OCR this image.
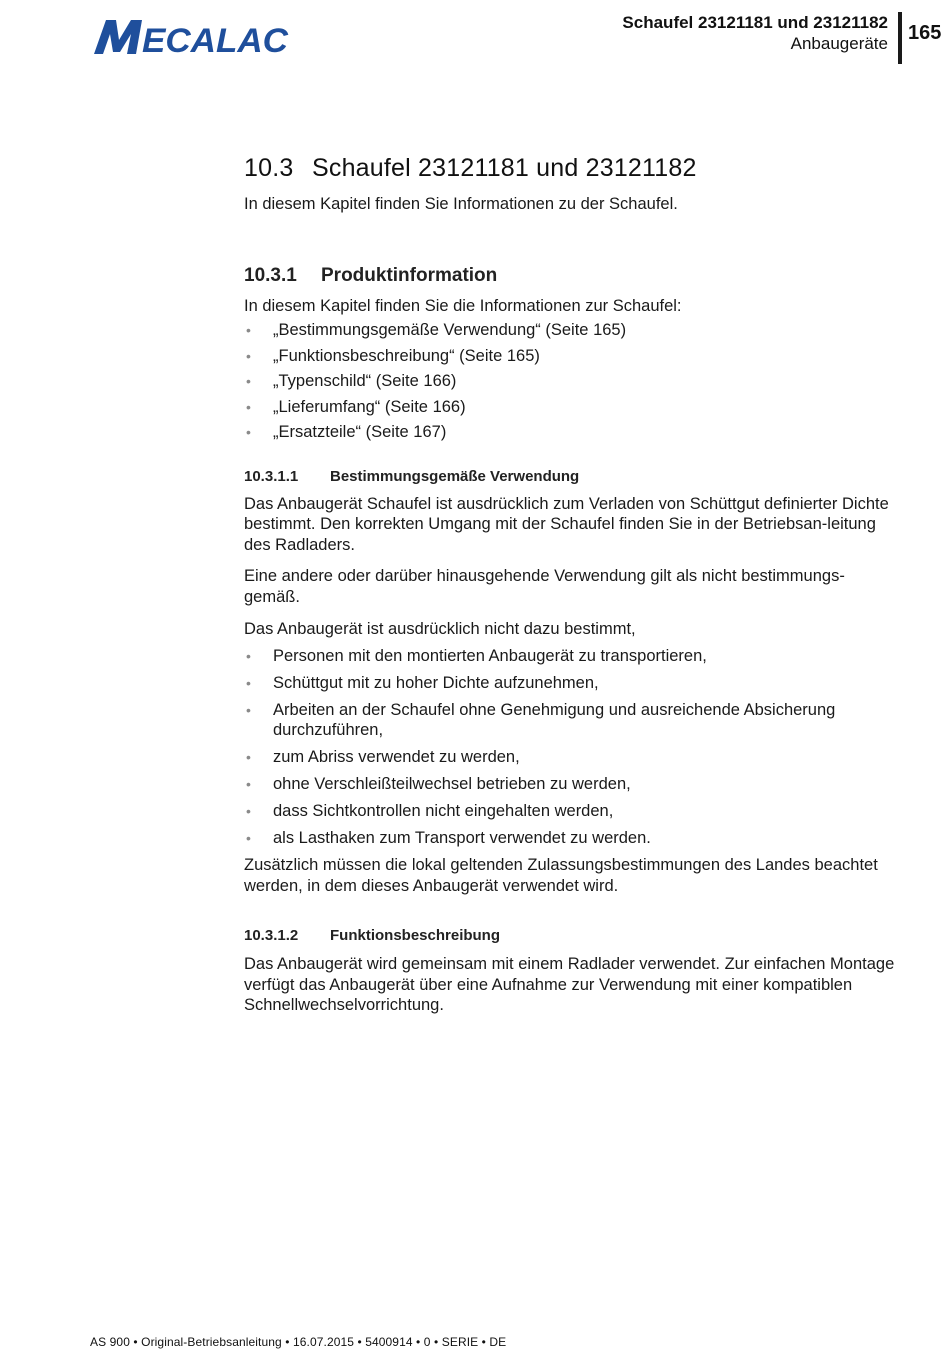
ECALAC	Schaufel 23121181 und 23121182
Anbaugeräte 165
10.3 Schaufel 23121181 und 23121182

In diesem Kapitel finden Sie Informationen zu der Schaufel.

10.3.1 Produktinformation

In diesem Kapitel finden Sie die Informationen zur Schaufel:

• „Bestimmungsgemäße Verwendung“ (Seite 165)
• „Funktionsbeschreibung“ (Seite 165)
• „Typenschild“ (Seite 166)
• „Lieferumfang“ (Seite 166)
• „Ersatzteile“ (Seite 167)
10.3.1.1 Bestimmungsgemäße Verwendung

Das Anbaugerät Schaufel ist ausdrücklich zum Verladen von Schüttgut definierter Dichte bestimmt. Den korrekten Umgang mit der Schaufel finden Sie in der Betriebsan-leitung des Radladers.

Eine andere oder darüber hinausgehende Verwendung gilt als nicht bestimmungs-gemäß.

Das Anbaugerät ist ausdrücklich nicht dazu bestimmt,

• Personen mit den montierten Anbaugerät zu transportieren,
• Schüttgut mit zu hoher Dichte aufzunehmen,
• Arbeiten an der Schaufel ohne Genehmigung und ausreichende Absicherung durchzuführen,
• zum Abriss verwendet zu werden,
• ohne Verschleißteilwechsel betrieben zu werden,
• dass Sichtkontrollen nicht eingehalten werden,
• als Lasthaken zum Transport verwendet zu werden.

Zusätzlich müssen die lokal geltenden Zulassungsbestimmungen des Landes beachtet werden, in dem dieses Anbaugerät verwendet wird.

10.3.1.2 Funktionsbeschreibung

Das Anbaugerät wird gemeinsam mit einem Radlader verwendet. Zur einfachen Montage verfügt das Anbaugerät über eine Aufnahme zur Verwendung mit einer kompatiblen Schnellwechselvorrichtung.

AS 900 • Original-Betriebsanleitung • 16.07.2015 • 5400914 • 0 • SERIE • DE
